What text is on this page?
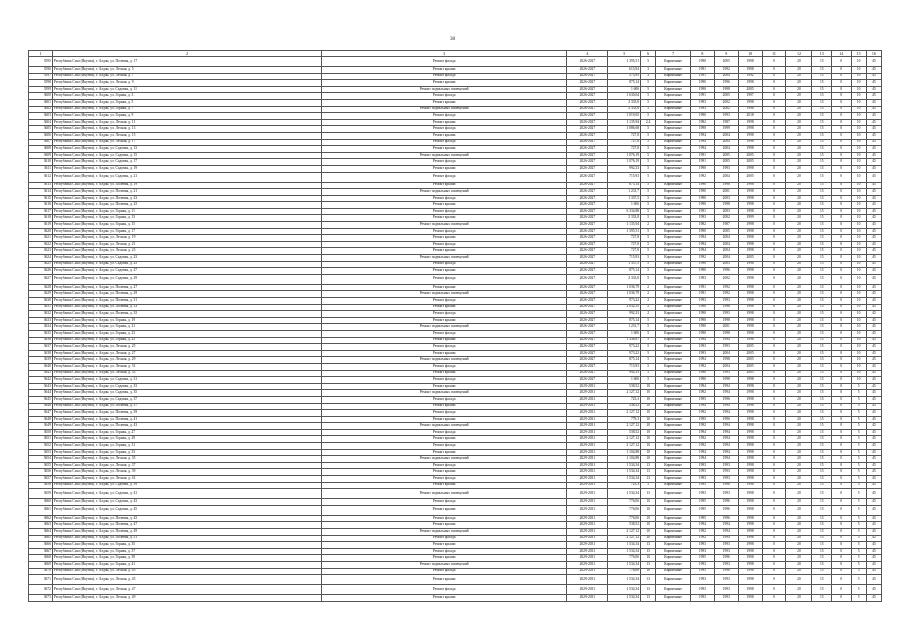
38
1	2	3	4	5	6	7	8	9	10	11	12	13	14	15	16
3595	Республика Саха (Якутия), г. Алдан, ул. Полевая, д. 17	Ремонт фасада	2026-2027	1 395,51	5	Кирпичные	1990	2005	1998	0	20	15	0	10	45
3596	Республика Саха (Якутия), г. Алдан, ул. Лесная, д. 5	Ремонт крыши	2026-2027	615,94	3	Кирпичные	1991	1992	1998	0	20	15	0	10	45
3597	Республика Саха (Якутия), г. Алдан, ул. Лесная, д. 7	Ремонт фасада	2026-2027	573,95	3	Кирпичные	1991	2004	1992	0	20	15	0	10	45
3598	Республика Саха (Якутия), г. Алдан, ул. Лесная, д. 9	Ремонт крыши	2026-2027	875,14	5	Кирпичные	1990	1996	1998	0	20	15	0	10	45
3599	Республика Саха (Якутия), г. Алдан, ул. Садовая, д. 11	Ремонт подвальных помещений	2026-2027	1 606	5	Кирпичные	1990	1998	2005	0	20	15	0	10	45
3600	Республика Саха (Якутия), г. Алдан, ул. Горная, д. 3	Ремонт фасада	2026-2027	1 630,64	5	Кирпичные	1991	2005	1997	0	20	15	0	10	45
3601	Республика Саха (Якутия), г. Алдан, ул. Горная, д. 5	Ремонт крыши	2026-2027	2 333,8	5	Кирпичные	1993	2002	1998	0	20	15	0	10	45
3602	Республика Саха (Якутия), г. Алдан, ул. Горная, д. 7	Ремонт подвальных помещений	2026-2027	2 333,8	5	Кирпичные	1993	2002	1998	0	20	15	0	10	45
3603	Республика Саха (Якутия), г. Алдан, ул. Горная, д. 9	Ремонт фасада	2026-2027	1 019,65	5	Кирпичные	1990	1993	2018	0	20	15	0	10	45
3604	Республика Саха (Якутия), г. Алдан, ул. Лесная, д. 11	Ремонт крыши	2026-2027	1 135,94	2,4	Кирпичные	1982	1987	1998	0	20	15	0	10	45
3605	Республика Саха (Якутия), г. Алдан, ул. Лесная, д. 13	Ремонт фасада	2026-2027	1 086,68	5	Кирпичные	1990	1999	1998	0	20	15	0	10	45
3606	Республика Саха (Якутия), г. Алдан, ул. Лесная, д. 15	Ремонт крыши	2026-2027	727,8	5	Кирпичные	1994	2004	1998	0	20	15	0	10	45
3607	Республика Саха (Якутия), г. Алдан, ул. Лесная, д. 17	Ремонт фасада	2026-2027	727,8	5	Кирпичные	1994	2004	1998	0	20	15	0	10	45
3608	Республика Саха (Якутия), г. Алдан, ул. Садовая, д. 13	Ремонт крыши	2026-2027	727,8	5	Кирпичные	1994	2004	1998	0	20	15	0	10	45
3609	Республика Саха (Якутия), г. Алдан, ул. Садовая, д. 15	Ремонт подвальных помещений	2026-2027	1 076,19	5	Кирпичные	1991	2005	2005	0	20	15	0	10	45
3610	Республика Саха (Якутия), г. Алдан, ул. Садовая, д. 17	Ремонт фасада	2026-2027	1 076,19	5	Кирпичные	1991	2005	2005	0	20	15	0	10	45
3611	Республика Саха (Якутия), г. Алдан, ул. Садовая, д. 19	Ремонт крыши	2026-2027	992,33	5	Кирпичные	1990	1993	1998	0	20	15	0	10	45
3612	Республика Саха (Якутия), г. Алдан, ул. Садовая, д. 21	Ремонт фасада	2026-2027	715,93	5	Кирпичные	1992	2004	2005	0	20	15	0	10	45
3613	Республика Саха (Якутия), г. Алдан, ул. Полевая, д. 19	Ремонт крыши	2026-2027	875,14	5	Кирпичные	1990	1996	1998	0	20	15	0	10	45
3614	Республика Саха (Якутия), г. Алдан, ул. Полевая, д. 21	Ремонт подвальных помещений	2026-2027	1 231,7	5	Кирпичные	1990	2001	1998	0	20	15	0	10	45
3615	Республика Саха (Якутия), г. Алдан, ул. Полевая, д. 23	Ремонт фасада	2026-2027	1 337,5	5	Кирпичные	1990	2003	1998	0	20	15	0	10	45
3616	Республика Саха (Якутия), г. Алдан, ул. Полевая, д. 25	Ремонт крыши	2026-2027	1 606	5	Кирпичные	1990	1998	1998	0	20	15	0	10	45
3617	Республика Саха (Якутия), г. Алдан, ул. Горная, д. 11	Ремонт фасада	2026-2027	6 334,88	5	Кирпичные	1991	2003	1998	0	20	15	0	10	45
3618	Республика Саха (Якутия), г. Алдан, ул. Горная, д. 13	Ремонт крыши	2026-2027	2 333,8	5	Кирпичные	1993	2002	1999	0	20	15	0	10	45
3619	Республика Саха (Якутия), г. Алдан, ул. Горная, д. 15	Ремонт подвальных помещений	2026-2027	1 135,94	2	Кирпичные	1982	1987	1998	0	20	15	0	10	45
3620	Республика Саха (Якутия), г. Алдан, ул. Горная, д. 17	Ремонт фасада	2026-2027	1 395,51	5	Кирпичные	1990	2005	1998	0	20	15	0	10	45
3621	Республика Саха (Якутия), г. Алдан, ул. Лесная, д. 19	Ремонт крыши	2026-2027	727,8	5	Кирпичные	1994	2004	1998	0	20	15	0	10	45
3622	Республика Саха (Якутия), г. Алдан, ул. Лесная, д. 21	Ремонт фасада	2026-2027	727,8	5	Кирпичные	1994	2004	1998	0	20	15	0	10	45
3623	Республика Саха (Якутия), г. Алдан, ул. Лесная, д. 23	Ремонт крыши	2026-2027	727,8	5	Кирпичные	1994	2004	1998	0	20	15	0	10	45
3624	Республика Саха (Якутия), г. Алдан, ул. Садовая, д. 23	Ремонт подвальных помещений	2026-2027	715,93	5	Кирпичные	1992	2004	2005	0	20	15	0	10	45
3625	Республика Саха (Якутия), г. Алдан, ул. Садовая, д. 25	Ремонт фасада	2026-2027	1 337,5	5	Кирпичные	1990	2003	1998	0	20	15	0	10	45
3626	Республика Саха (Якутия), г. Алдан, ул. Садовая, д. 27	Ремонт крыши	2026-2027	875,14	5	Кирпичные	1990	1996	1998	0	20	15	0	10	45
3627	Республика Саха (Якутия), г. Алдан, ул. Садовая, д. 29	Ремонт фасада	2026-2027	2 333,8	5	Кирпичные	1993	2002	1998	0	20	15	0	10	45
3628	Республика Саха (Якутия), г. Алдан, ул. Полевая, д. 27	Ремонт крыши	2026-2027	1 036,79	2	Кирпичные	1991	1992	1998	0	20	15	0	10	45
3629	Республика Саха (Якутия), г. Алдан, ул. Полевая, д. 29	Ремонт подвальных помещений	2026-2027	1 036,79	2	Кирпичные	1991	1992	1998	0	20	15	0	10	45
3630	Республика Саха (Якутия), г. Алдан, ул. Полевая, д. 31	Ремонт фасада	2026-2027	973,22	2	Кирпичные	1993	1993	1998	0	20	15	0	10	45
3631	Республика Саха (Якутия), г. Алдан, ул. Полевая, д. 33	Ремонт крыши	2026-2027	2 032,55	5	Кирпичные	1990	1996	1998	0	20	15	0	10	45
3632	Республика Саха (Якутия), г. Алдан, ул. Полевая, д. 35	Ремонт фасада	2026-2027	992,33	2	Кирпичные	1990	1993	1998	0	20	15	0	10	45
3633	Республика Саха (Якутия), г. Алдан, ул. Горная, д. 19	Ремонт крыши	2026-2027	875,14	5	Кирпичные	1990	1998	1998	0	20	15	0	10	45
3634	Республика Саха (Якутия), г. Алдан, ул. Горная, д. 21	Ремонт подвальных помещений	2026-2027	1 231,7	5	Кирпичные	1990	2001	1998	0	20	15	0	10	45
3635	Республика Саха (Якутия), г. Алдан, ул. Горная, д. 23	Ремонт фасада	2026-2027	1 606	5	Кирпичные	1990	1998	1998	0	20	15	0	10	45
3636	Республика Саха (Якутия), г. Алдан, ул. Горная, д. 25	Ремонт крыши	2026-2027	1 338,87	5	Кирпичные	1994	1994	1998	0	20	15	0	10	45
3637	Республика Саха (Якутия), г. Алдан, ул. Лесная, д. 25	Ремонт фасада	2026-2027	973,22	5	Кирпичные	1993	1993	2005	0	20	15	0	10	45
3638	Республика Саха (Якутия), г. Алдан, ул. Лесная, д. 27	Ремонт крыши	2026-2027	973,22	5	Кирпичные	1993	2004	2005	0	20	15	0	10	45
3639	Республика Саха (Якутия), г. Алдан, ул. Лесная, д. 29	Ремонт подвальных помещений	2026-2027	875,14	5	Кирпичные	1994	1998	2005	0	20	15	0	10	45
3640	Республика Саха (Якутия), г. Алдан, ул. Лесная, д. 31	Ремонт фасада	2026-2027	715,93	5	Кирпичные	1992	2004	2005	0	20	15	0	10	45
3641	Республика Саха (Якутия), г. Алдан, ул. Лесная, д. 33	Ремонт крыши	2026-2027	992,33	5	Кирпичные	1990	1993	2005	0	20	15	0	10	45
3642	Республика Саха (Якутия), г. Алдан, ул. Садовая, д. 31	Ремонт фасада	2026-2027	1 606	5	Кирпичные	1990	1998	1998	0	20	15	0	10	45
3643	Республика Саха (Якутия), г. Алдан, ул. Садовая, д. 33	Ремонт крыши	2029-2031	538,52	10	Кирпичные	1994	1994	1998	0	20	15	0	5	45
3644	Республика Саха (Якутия), г. Алдан, ул. Садовая, д. 35	Ремонт подвальных помещений	2029-2031	2 127,12	10	Кирпичные	1992	1994	1998	0	20	15	0	5	45
3645	Республика Саха (Якутия), г. Алдан, ул. Садовая, д. 37	Ремонт фасада	2029-2031	723,3	10	Кирпичные	1995	1996	1998	0	20	15	0	5	45
3646	Республика Саха (Якутия), г. Алдан, ул. Полевая, д. 37	Ремонт крыши	2029-2031	538,52	10	Кирпичные	1994	1994	1998	0	20	15	0	5	45
3647	Республика Саха (Якутия), г. Алдан, ул. Полевая, д. 39	Ремонт фасада	2029-2031	2 127,12	10	Кирпичные	1992	1994	1998	0	20	15	0	5	45
3648	Республика Саха (Якутия), г. Алдан, ул. Полевая, д. 41	Ремонт крыши	2029-2031	779,3	10	Кирпичные	1995	1996	1998	0	20	15	0	5	45
3649	Республика Саха (Якутия), г. Алдан, ул. Полевая, д. 43	Ремонт подвальных помещений	2029-2031	2 127,12	10	Кирпичные	1992	1994	1998	0	20	15	0	5	45
3650	Республика Саха (Якутия), г. Алдан, ул. Горная, д. 27	Ремонт фасада	2029-2031	538,52	10	Кирпичные	1994	1994	1998	0	20	15	0	5	45
3651	Республика Саха (Якутия), г. Алдан, ул. Горная, д. 29	Ремонт крыши	2029-2031	2 127,12	10	Кирпичные	1992	1994	1998	0	20	15	0	5	45
3652	Республика Саха (Якутия), г. Алдан, ул. Горная, д. 31	Ремонт фасада	2029-2031	2 127,12	10	Кирпичные	1992	1994	1998	0	20	15	0	5	45
3653	Республика Саха (Якутия), г. Алдан, ул. Горная, д. 33	Ремонт крыши	2029-2031	1 104,88	10	Кирпичные	1994	1994	1998	0	20	15	0	5	45
3654	Республика Саха (Якутия), г. Алдан, ул. Лесная, д. 35	Ремонт подвальных помещений	2029-2031	1 104,88	10	Кирпичные	1994	1994	1998	0	20	15	0	5	45
3655	Республика Саха (Якутия), г. Алдан, ул. Лесная, д. 37	Ремонт фасада	2029-2031	1 534,34	13	Кирпичные	1993	1993	1998	0	20	15	0	5	45
3656	Республика Саха (Якутия), г. Алдан, ул. Лесная, д. 39	Ремонт крыши	2029-2031	1 534,34	13	Кирпичные	1993	1993	1998	0	20	15	0	5	45
3657	Республика Саха (Якутия), г. Алдан, ул. Лесная, д. 41	Ремонт фасада	2029-2031	1 534,34	13	Кирпичные	1993	1993	1998	0	20	15	0	5	45
3658	Республика Саха (Якутия), г. Алдан, ул. Садовая, д. 39	Ремонт крыши	2029-2031	723,3	5	Кирпичные	1995	1996	1998	0	20	15	0	5	45
3659	Республика Саха (Якутия), г. Алдан, ул. Садовая, д. 41	Ремонт подвальных помещений	2029-2031	1 534,34	13	Кирпичные	1993	1993	1998	0	20	15	0	5	45
3660	Республика Саха (Якутия), г. Алдан, ул. Садовая, д. 43	Ремонт фасада	2029-2031	776,06	10	Кирпичные	1995	1996	1998	0	20	15	0	5	45
3661	Республика Саха (Якутия), г. Алдан, ул. Садовая, д. 45	Ремонт крыши	2029-2031	776,06	10	Кирпичные	1995	1996	1998	0	20	15	0	5	45
3662	Республика Саха (Якутия), г. Алдан, ул. Полевая, д. 45	Ремонт фасада	2029-2031	776,06	10	Кирпичные	1995	1996	1998	0	20	15	0	5	45
3663	Республика Саха (Якутия), г. Алдан, ул. Полевая, д. 47	Ремонт крыши	2029-2031	538,52	10	Кирпичные	1994	1994	1998	0	20	15	0	5	45
3664	Республика Саха (Якутия), г. Алдан, ул. Полевая, д. 49	Ремонт подвальных помещений	2029-2031	2 127,12	10	Кирпичные	1992	1994	1998	0	20	15	0	5	45
3665	Республика Саха (Якутия), г. Алдан, ул. Полевая, д. 51	Ремонт фасада	2029-2031	2 127,12	10	Кирпичные	1992	1994	1998	0	20	15	0	5	45
3666	Республика Саха (Якутия), г. Алдан, ул. Горная, д. 35	Ремонт крыши	2029-2031	1 534,34	13	Кирпичные	1993	1993	1998	0	20	15	0	5	45
3667	Республика Саха (Якутия), г. Алдан, ул. Горная, д. 37	Ремонт фасада	2029-2031	1 534,34	13	Кирпичные	1993	1993	1998	0	20	15	0	5	45
3668	Республика Саха (Якутия), г. Алдан, ул. Горная, д. 39	Ремонт крыши	2029-2031	776,06	10	Кирпичные	1995	1996	1998	0	20	15	0	5	45
3669	Республика Саха (Якутия), г. Алдан, ул. Горная, д. 41	Ремонт подвальных помещений	2029-2031	1 534,34	13	Кирпичные	1993	1993	1998	0	20	15	0	5	45
3670	Республика Саха (Якутия), г. Алдан, ул. Лесная, д. 43	Ремонт фасада	2029-2031	776,06	10	Кирпичные	1995	1996	1998	0	20	15	0	5	45
3671	Республика Саха (Якутия), г. Алдан, ул. Лесная, д. 45	Ремонт крыши	2029-2031	1 534,34	13	Кирпичные	1993	1993	1998	0	20	15	0	5	45
3672	Республика Саха (Якутия), г. Алдан, ул. Лесная, д. 47	Ремонт фасада	2029-2031	1 534,34	13	Кирпичные	1993	1993	1998	0	20	15	0	5	45
3673	Республика Саха (Якутия), г. Алдан, ул. Лесная, д. 49	Ремонт крыши	2029-2031	1 534,34	13	Кирпичные	1993	1993	1998	0	20	15	0	5	45
